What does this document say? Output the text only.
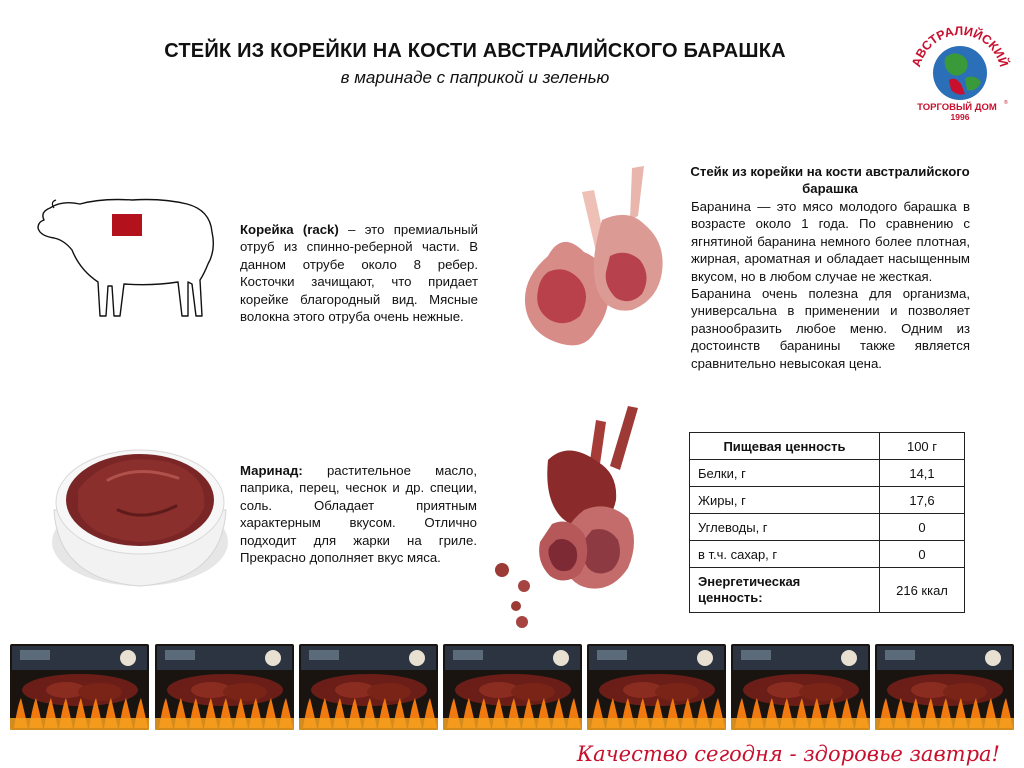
СТЕЙК ИЗ КОРЕЙКИ НА КОСТИ АВСТРАЛИЙСКОГО БАРАШКА
в маринаде с паприкой и зеленью
АВСТРАЛИЙСКИЙ
ТОРГОВЫЙ ДОМ ®
1996
Корейка (rack) – это премиальный отруб из спинно-реберной части. В данном отрубе около 8 ребер. Косточки зачищают, что придает корейке благородный вид. Мясные волокна этого отруба очень нежные.
Стейк из корейки на кости австралийского барашка
Баранина — это мясо молодого барашка в возрасте около 1 года. По сравнению с ягнятиной баранина немного более плотная, жирная, ароматная и обладает насыщенным вкусом, но в любом случае не жесткая.
Баранина очень полезна для организма, универсальна в применении и позволяет разнообразить любое меню. Одним из достоинств баранины также является сравнительно невысокая цена.
Маринад: растительное масло, паприка, перец, чеснок и др. специи, соль. Обладает приятным характерным вкусом. Отлично подходит для жарки на гриле. Прекрасно дополняет вкус мяса.
Пищевая ценность	100 г
Белки, г	14,1
Жиры, г	17,6
Углеводы, г	0
в т.ч. сахар, г	0

Энергетическая
ценность:	216 ккал
Качество сегодня - здоровье завтра!
